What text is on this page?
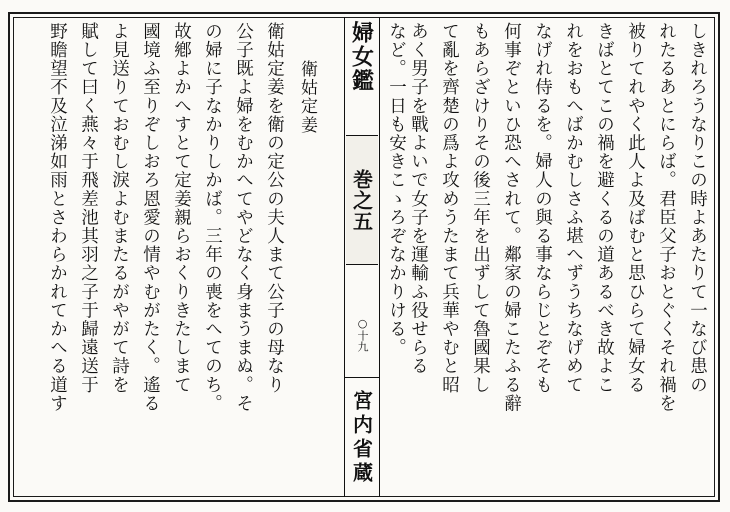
しきれろうなりこの時よあたりて一なび患の
れたるあとにらば。君臣父子おとぐくそれ禍を
被りてれやく此人よ及ばむと思ひらて婦女る
きばとてこの禍を避くるの道あるべき故よこ
れをおもへばかむしさふ堪へずうちなげめて
なげれ侍るを。婦人の與る事ならじとぞそも
何事ぞといひ恐へされて。鄰家の婦こたふる辭
もあらざけりその後三年を出ずして魯國果し
て亂を齊楚の爲よ攻めうたまて兵華やむと昭
あく男子を戰よいで女子を運輸ふ役せらる
など。一日も安きこゝろぞなかりける。
婦女鑑
巻之五
○十九
宮内省蔵
衛姑定姜
衛姑定姜を衛の定公の夫人まて公子の母なり
公子既よ婦をむかへてやどなく身まうまぬ。そ
の婦に子なかりしかば。三年の喪をへてのち。
故鄕よかへすとて定姜親らおくりきたしまて
國境ふ至りぞしおろ恩愛の情やむがたく。遙る
よ見送りておむし淚よむまたるがやがて詩を
賦して曰く燕々于飛差池其羽之子于歸遠送于
野瞻望不及泣涕如雨とさわらかれてかへる道す
